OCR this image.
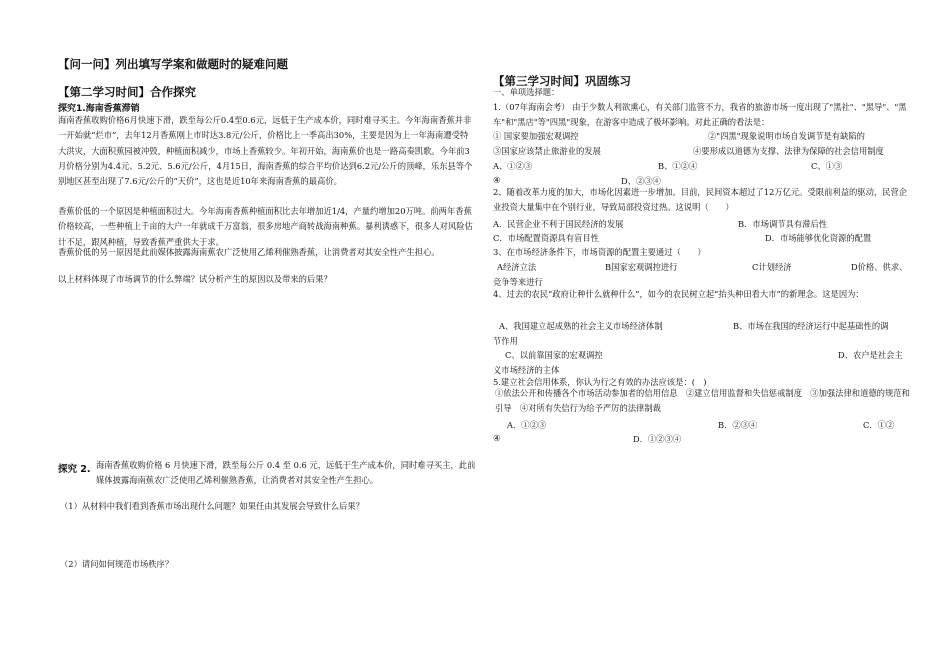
【问一问】列出填写学案和做题时的疑难问题
【第二学习时间】合作探究
探究1.海南香蕉滞销

海南香蕉收购价格6月快速下滑，跌至每公斤0.4至0.6元，远低于生产成本价，同时难寻买主。今年海南香蕉并非一开始就“烂市”，去年12月香蕉刚上市时达3.8元/公斤，价格比上一季高出30%，主要是因为上一年海南遭受特大洪灾，大面积蕉园被冲毁，种植面积减少，市场上香蕉较少。年初开始，海南蕉价也是一路高奏凯歌。今年前3月价格分别为4.4元、5.2元、5.6元/公斤，4月15日，海南香蕉的综合平均价达到6.2元/公斤的顶峰，乐东县等个别地区甚至出现了7.6元/公斤的“天价”，这也是近10年来海南香蕉的最高价。

香蕉价低的一个原因是种植面积过大。今年海南香蕉种植面积比去年增加近1/4，产量约增加20万吨。前两年香蕉价格较高，一些种植上千亩的大户一年就成千万富翁，很多房地产商转战海南种蕉。暴利诱惑下，很多人对风险估计不足，跟风种植，导致香蕉严重供大于求。

香蕉价低的另一原因是此前媒体披露海南蕉农广泛使用乙烯利催熟香蕉，让消费者对其安全性产生担心。

以上材料体现了市场调节的什么弊端？试分析产生的原因以及带来的后果？

探究 2. 海南香蕉收购价格 6 月快速下滑，跌至每公斤 0.4 至 0.6 元，远低于生产成本价，同时难寻买主，此前媒体披露海南蕉农广泛使用乙烯利催熟香蕉，让消费者对其安全性产生担心。

（1）从材料中我们看到香蕉市场出现什么问题？如果任由其发展会导致什么后果？

（2）请问如何规范市场秩序？

【第三学习时间】巩固练习
一、单项选择题：

1.（07年海南会考） 由于少数人利欲熏心，有关部门监管不力，我省的旅游市场一度出现了"黑社"、"黑导"、"黑车"和"黑店"等"四黑"现象，在游客中造成了极坏影响。对此正确的看法是：

① 国家要加强宏观调控	②"四黑"现象说明市场自发调节是有缺陷的
③国家应该禁止旅游业的发展	④要形成以道德为支撑、法律为保障的社会信用制度
A、①②③	B、①②④	C、①③
④	D、②③④

2、随着改革力度的加大，市场化因素进一步增加。目前，民间资本超过了12万亿元。受限前利益的驱动，民营企业投资大量集中在个别行业，导致局部投资过热。这说明（　　）

A．民营企业不利于国民经济的发展	B．市场调节具有滞后性
C．市场配置资源具有盲目性	D．市场能够优化资源的配置
3、在市场经济条件下，市场资源的配置主要通过（　　）
A经济立法	B国家宏观调控进行	C计划经济	D价格、供求、
竞争等来进行

4、过去的农民“政府让种什么就种什么”，如今的农民树立起“抬头种田看大市”的新理念。这是因为：

A、我国建立起成熟的社会主义市场经济体制	B、市场在我国的经济运行中起基础性的调
节作用
C、以前靠国家的宏观调控	D、农户是社会主
义市场经济的主体
5.建立社会信用体系，你认为行之有效的办法应该是：(　)

①依法公开和传播各个市场活动参加者的信用信息　②建立信用监督和失信惩戒制度　③加强法律和道德的规范和引导　④对所有失信行为给予严厉的法律制裁

A．①②③	B．②③④	C．①②
④	D．①②③④
